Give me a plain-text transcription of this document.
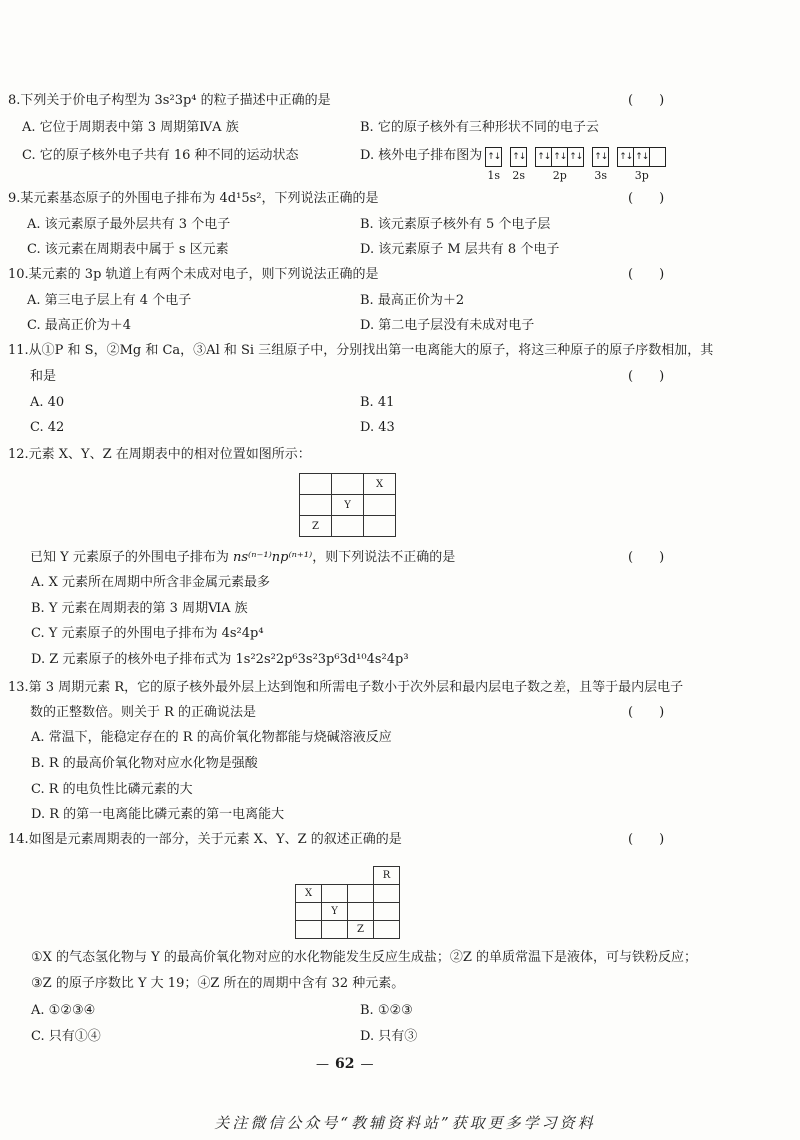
8.下列关于价电子构型为 3s²3p⁴ 的粒子描述中正确的是	(　　)
A. 它位于周期表中第 3 周期第ⅣA 族	B. 它的原子核外有三种形状不同的电子云
C. 它的原子核外电子共有 16 种不同的运动状态	D. 核外电子排布图为 ↑↓
1s
↑↓
2s
↑↓ ↑↓ ↑↓
2p
↑↓
3s
↑↓ ↑↓
3p
9.某元素基态原子的外围电子排布为 4d¹5s²，下列说法正确的是	(　　)
A. 该元素原子最外层共有 3 个电子	B. 该元素原子核外有 5 个电子层
C. 该元素在周期表中属于 s 区元素	D. 该元素原子 M 层共有 8 个电子
10.某元素的 3p 轨道上有两个未成对电子，则下列说法正确的是	(　　)
A. 第三电子层上有 4 个电子	B. 最高正价为＋2
C. 最高正价为＋4	D. 第二电子层没有未成对电子
11.从①P 和 S，②Mg 和 Ca，③Al 和 Si 三组原子中，分别找出第一电离能大的原子，将这三种原子的原子序数相加，其
和是	(　　)
A. 40	B. 41
C. 42	D. 43
12.元素 X、Y、Z 在周期表中的相对位置如图所示：
		X
	Y	
Z		
已知 Y 元素原子的外围电子排布为 ns⁽ⁿ⁻¹⁾np⁽ⁿ⁺¹⁾，则下列说法不正确的是	(　　)
A. X 元素所在周期中所含非金属元素最多
B. Y 元素在周期表的第 3 周期ⅥA 族
C. Y 元素原子的外围电子排布为 4s²4p⁴
D. Z 元素原子的核外电子排布式为 1s²2s²2p⁶3s²3p⁶3d¹⁰4s²4p³
13.第 3 周期元素 R，它的原子核外最外层上达到饱和所需电子数小于次外层和最内层电子数之差，且等于最内层电子
数的正整数倍。则关于 R 的正确说法是	(　　)
A. 常温下，能稳定存在的 R 的高价氧化物都能与烧碱溶液反应
B. R 的最高价氧化物对应水化物是强酸
C. R 的电负性比磷元素的大
D. R 的第一电离能比磷元素的第一电离能大
14.如图是元素周期表的一部分，关于元素 X、Y、Z 的叙述正确的是	(　　)
			R
X			
	Y		
		Z	
①X 的气态氢化物与 Y 的最高价氧化物对应的水化物能发生反应生成盐；②Z 的单质常温下是液体，可与铁粉反应；
③Z 的原子序数比 Y 大 19；④Z 所在的周期中含有 32 种元素。
A. ①②③④	B. ①②③
C. 只有①④	D. 只有③
— 62 —
关注微信公众号“教辅资料站”获取更多学习资料
